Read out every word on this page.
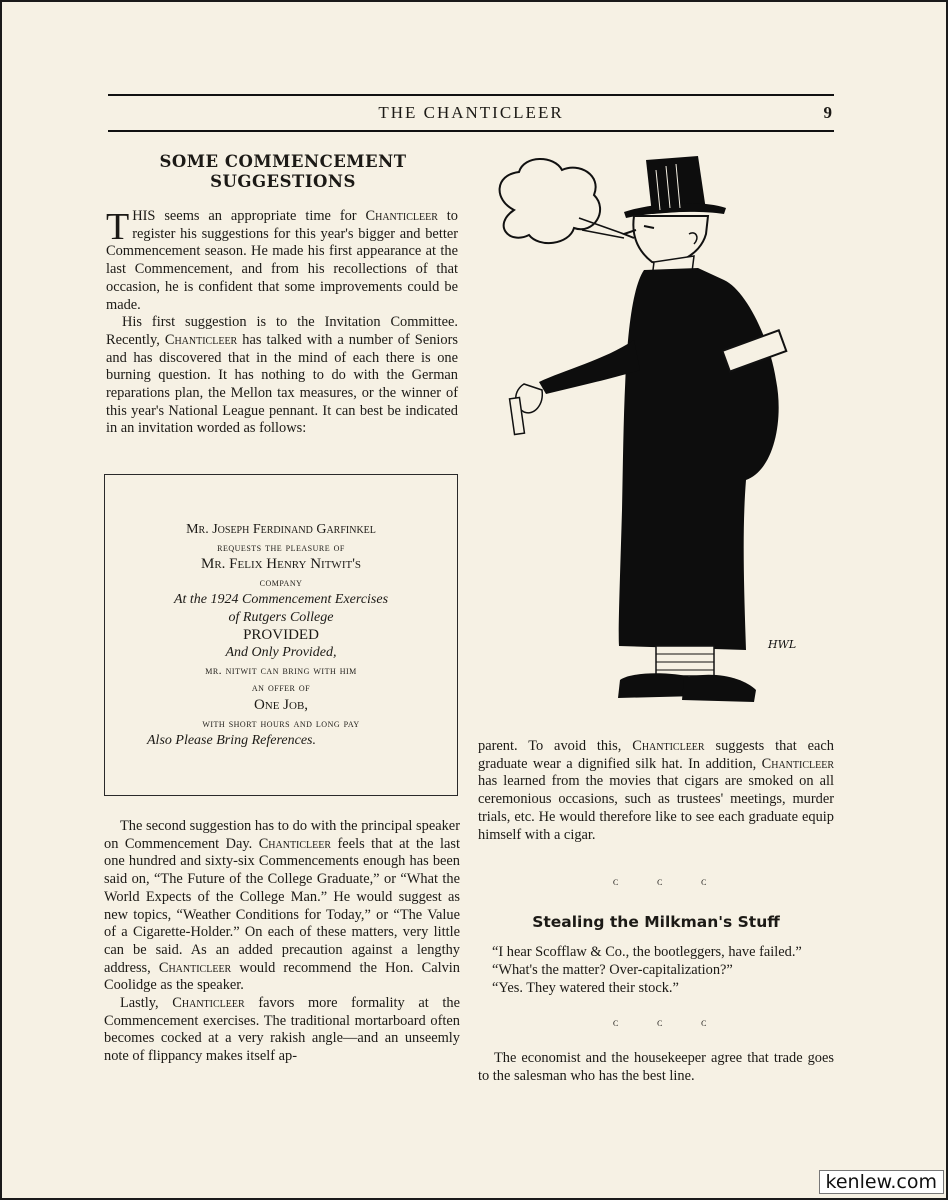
THE CHANTICLEER	9
SOME COMMENCEMENT
SUGGESTIONS

THIS seems an appropriate time for Chanticleer to register his suggestions for this year's bigger and better Commencement season. He made his first appearance at the last Commencement, and from his recollections of that occasion, he is confident that some improvements could be made.

His first suggestion is to the Invitation Committee. Recently, Chanticleer has talked with a number of Seniors and has discovered that in the mind of each there is one burning question. It has nothing to do with the German reparations plan, the Mellon tax measures, or the winner of this year's National League pennant. It can best be indicated in an invitation worded as follows:

Mr. Joseph Ferdinand Garfinkel
requests the pleasure of
Mr. Felix Henry Nitwit's
company
At the 1924 Commencement Exercises
of Rutgers College
PROVIDED
And Only Provided,
mr. nitwit can bring with him
an offer of
One Job,
with short hours and long pay
Also Please Bring References.

The second suggestion has to do with the principal speaker on Commencement Day. Chanticleer feels that at the last one hundred and sixty-six Commencements enough has been said on, “The Future of the College Graduate,” or “What the World Expects of the College Man.” He would suggest as new topics, “Weather Conditions for Today,” or “The Value of a Cigarette-Holder.” On each of these matters, very little can be said. As an added precaution against a lengthy address, Chanticleer would recommend the Hon. Calvin Coolidge as the speaker.

Lastly, Chanticleer favors more formality at the Commencement exercises. The traditional mortarboard often becomes cocked at a very rakish angle—and an unseemly note of flippancy makes itself ap-

HWL

parent. To avoid this, Chanticleer suggests that each graduate wear a dignified silk hat. In addition, Chanticleer has learned from the movies that cigars are smoked on all ceremonious occasions, such as trustees' meetings, murder trials, etc. He would therefore like to see each graduate equip himself with a cigar.

c c c
Stealing the Milkman's Stuff
“I hear Scofflaw & Co., the bootleggers, have failed.”
“What's the matter? Over-capitalization?”
“Yes. They watered their stock.”
c c c
The economist and the housekeeper agree that trade goes to the salesman who has the best line.
kenlew.com
